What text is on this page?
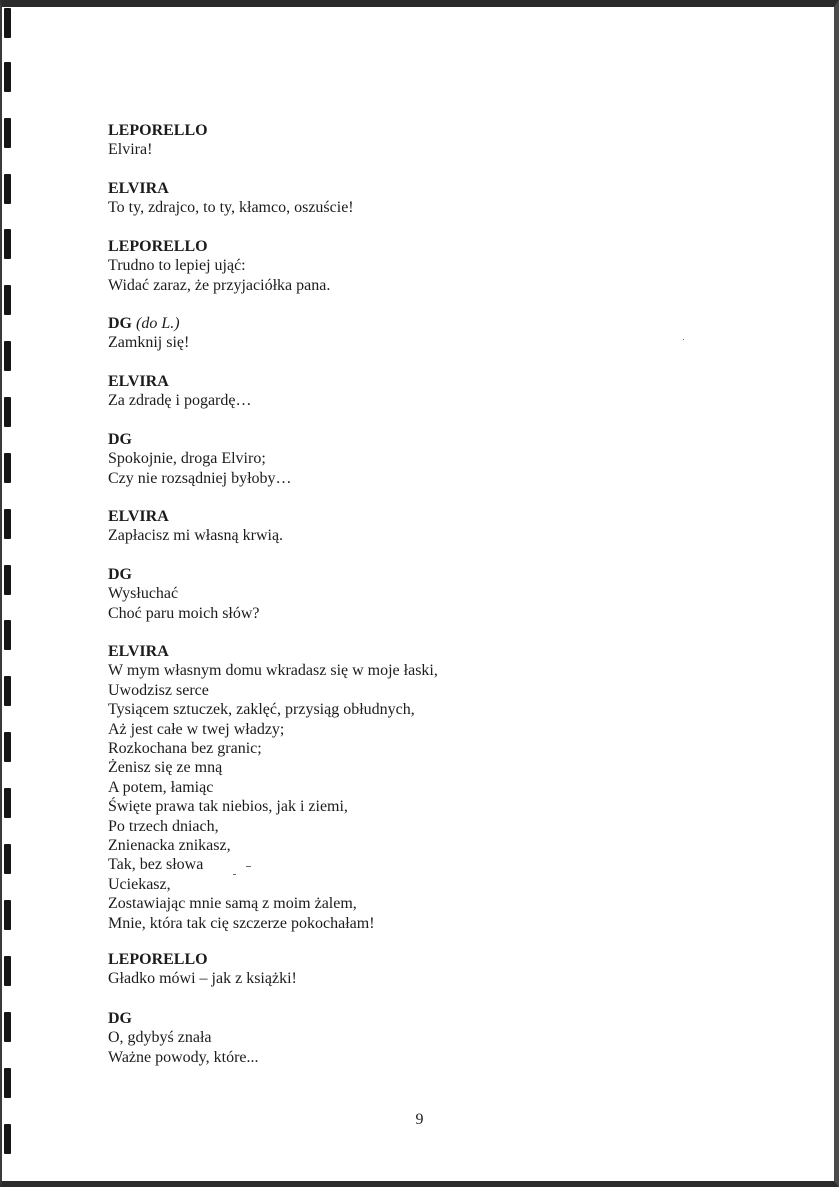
LEPORELLO
Elvira!
ELVIRA
To ty, zdrajco, to ty, kłamco, oszuście!
LEPORELLO
Trudno to lepiej ująć:
Widać zaraz, że przyjaciółka pana.
DG (do L.)
Zamknij się!
ELVIRA
Za zdradę i pogardę…
DG
Spokojnie, droga Elviro;
Czy nie rozsądniej byłoby…
ELVIRA
Zapłacisz mi własną krwią.
DG
Wysłuchać
Choć paru moich słów?
ELVIRA
W mym własnym domu wkradasz się w moje łaski,
Uwodzisz serce
Tysiącem sztuczek, zaklęć, przysiąg obłudnych,
Aż jest całe w twej władzy;
Rozkochana bez granic;
Żenisz się ze mną
A potem, łamiąc
Święte prawa tak niebios, jak i ziemi,
Po trzech dniach,
Znienacka znikasz,
Tak, bez słowa
Uciekasz,
Zostawiając mnie samą z moim żalem,
Mnie, która tak cię szczerze pokochałam!
LEPORELLO
Gładko mówi – jak z książki!
DG
O, gdybyś znała
Ważne powody, które...
9
